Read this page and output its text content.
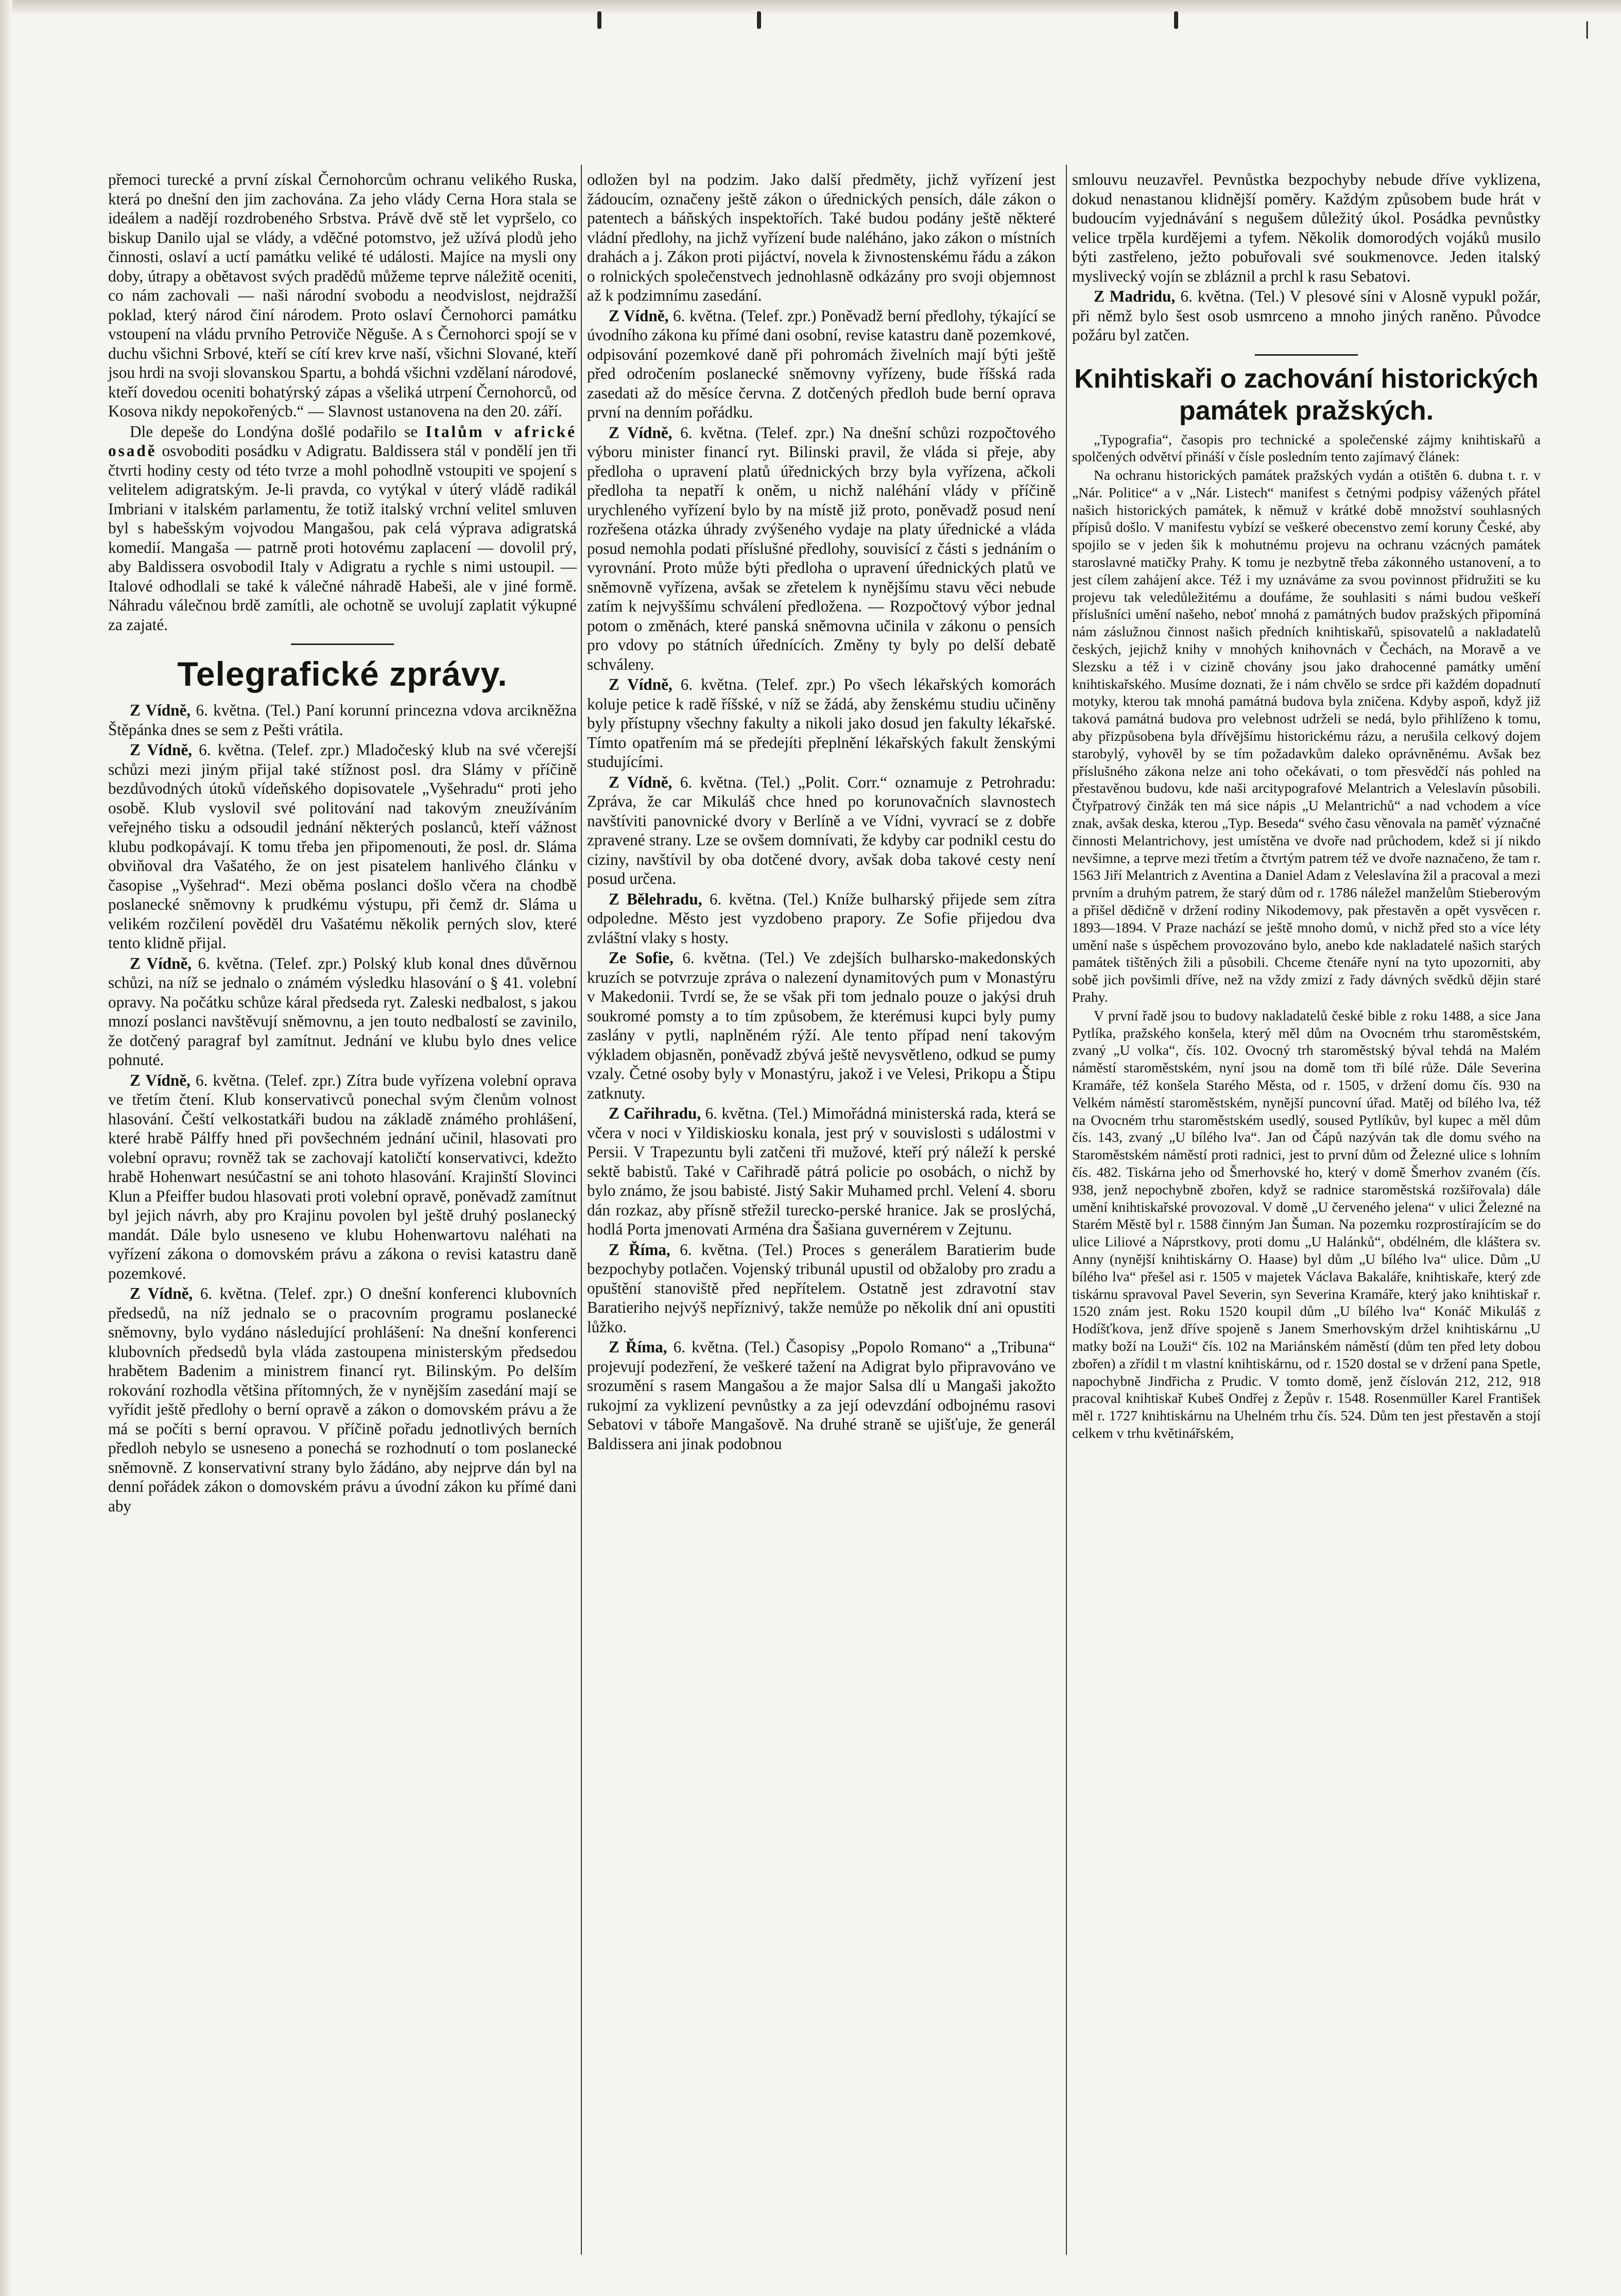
|

přemoci turecké a první získal Černohorcům ochranu velikého Ruska, která po dnešní den jim zachována. Za jeho vlády Cerna Hora stala se ideálem a nadějí rozdrobeného Srbstva. Právě dvě stě let vypršelo, co biskup Danilo ujal se vlády, a vděčné potomstvo, jež užívá plodů jeho činnosti, oslaví a uctí památku veliké té události. Majíce na mysli ony doby, útrapy a obětavost svých pradědů můžeme teprve náležitě oceniti, co nám zachovali — naši národní svobodu a neodvislost, nejdražší poklad, který národ činí národem. Proto oslaví Černohorci památku vstoupení na vládu prvního Petroviče Něguše. A s Černohorci spojí se v duchu všichni Srbové, kteří se cítí krev krve naší, všichni Slované, kteří jsou hrdi na svoji slovanskou Spartu, a bohdá všichni vzdělaní národové, kteří dovedou oceniti bohatýrský zápas a všeliká utrpení Černohorců, od Kosova nikdy nepokořenýcb.“ — Slavnost ustanovena na den 20. září.

Dle depeše do Londýna došlé podařilo se Italům v africké osadě osvoboditi posádku v Adigratu. Baldissera stál v pondělí jen tři čtvrti hodiny cesty od této tvrze a mohl pohodlně vstoupiti ve spojení s velitelem adigratským. Je-li pravda, co vytýkal v úterý vládě radikál Imbriani v italském parlamentu, že totiž italský vrchní velitel smluven byl s habešským vojvodou Mangašou, pak celá výprava adigratská komedií. Mangaša — patrně proti hotovému zaplacení — dovolil prý, aby Baldissera osvobodil Italy v Adigratu a rychle s nimi ustoupil. — Italové odhodlali se také k válečné náhradě Habeši, ale v jiné formě. Náhradu válečnou brdě zamítli, ale ochotně se uvolují zaplatit výkupné za zajaté.

Telegrafické zprávy.

Z Vídně, 6. května. (Tel.) Paní korunní princezna vdova arcikněžna Štěpánka dnes se sem z Pešti vrátila.

Z Vídně, 6. května. (Telef. zpr.) Mladočeský klub na své včerejší schůzi mezi jiným přijal také stížnost posl. dra Slámy v příčině bezdůvodných útoků vídeňského dopisovatele „Vyšehradu“ proti jeho osobě. Klub vyslovil své politování nad takovým zneužíváním veřejného tisku a odsoudil jednání některých poslanců, kteří vážnost klubu podkopávají. K tomu třeba jen připomenouti, že posl. dr. Sláma obviňoval dra Vašatého, že on jest pisatelem hanlivého článku v časopise „Vyšehrad“. Mezi oběma poslanci došlo včera na chodbě poslanecké sněmovny k prudkému výstupu, při čemž dr. Sláma u velikém rozčilení pověděl dru Vašatému několik perných slov, které tento klidně přijal.

Z Vídně, 6. května. (Telef. zpr.) Polský klub konal dnes důvěrnou schůzi, na níž se jednalo o známém výsledku hlasování o § 41. volební opravy. Na počátku schůze káral předseda ryt. Zaleski nedbalost, s jakou mnozí poslanci navštěvují sněmovnu, a jen touto nedbalostí se zavinilo, že dotčený paragraf byl zamítnut. Jednání ve klubu bylo dnes velice pohnuté.

Z Vídně, 6. května. (Telef. zpr.) Zítra bude vyřízena volební oprava ve třetím čtení. Klub konservativců ponechal svým členům volnost hlasování. Čeští velkostatkáři budou na základě známého prohlášení, které hrabě Pálffy hned při povšechném jednání učinil, hlasovati pro volební opravu; rovněž tak se zachovají katoličtí konservativci, kdežto hrabě Hohenwart nesúčastní se ani tohoto hlasování. Krajinští Slovinci Klun a Pfeiffer budou hlasovati proti volební opravě, poněvadž zamítnut byl jejich návrh, aby pro Krajinu povolen byl ještě druhý poslanecký mandát. Dále bylo usneseno ve klubu Hohenwartovu naléhati na vyřízení zákona o domovském právu a zákona o revisi katastru daně pozemkové.

Z Vídně, 6. května. (Telef. zpr.) O dnešní konferenci klubovních předsedů, na níž jednalo se o pracovním programu poslanecké sněmovny, bylo vydáno následující prohlášení: Na dnešní konferenci klubovních předsedů byla vláda zastoupena ministerským předsedou hrabětem Badenim a ministrem financí ryt. Bilinským. Po delším rokování rozhodla většina přítomných, že v nynějším zasedání mají se vyřídit ještě předlohy o berní opravě a zákon o domovském právu a že má se počíti s berní opravou. V příčině pořadu jednotlivých berních předloh nebylo se usneseno a ponechá se rozhodnutí o tom poslanecké sněmovně. Z konservativní strany bylo žádáno, aby nejprve dán byl na denní pořádek zákon o domovském právu a úvodní zákon ku přímé dani aby

odložen byl na podzim. Jako další předměty, jichž vyřízení jest žádoucím, označeny ještě zákon o úřednických pensích, dále zákon o patentech a báňských inspektořích. Také budou podány ještě některé vládní předlohy, na jichž vyřízení bude naléháno, jako zákon o místních drahách a j. Zákon proti pijáctví, novela k živnostenskému řádu a zákon o rolnických společenstvech jednohlasně odkázány pro svoji objemnost až k podzimnímu zasedání.

Z Vídně, 6. května. (Telef. zpr.) Poněvadž berní předlohy, týkající se úvodního zákona ku přímé dani osobní, revise katastru daně pozemkové, odpisování pozemkové daně při pohromách živelních mají býti ještě před odročením poslanecké sněmovny vyřízeny, bude říšská rada zasedati až do měsíce června. Z dotčených předloh bude berní oprava první na denním pořádku.

Z Vídně, 6. května. (Telef. zpr.) Na dnešní schůzi rozpočtového výboru minister financí ryt. Bilinski pravil, že vláda si přeje, aby předloha o upravení platů úřednických brzy byla vyřízena, ačkoli předloha ta nepatří k oněm, u nichž naléhání vlády v příčině urychleného vyřízení bylo by na místě již proto, poněvadž posud není rozřešena otázka úhrady zvýšeného vydaje na platy úřednické a vláda posud nemohla podati příslušné předlohy, souvisící z části s jednáním o vyrovnání. Proto může býti předloha o upravení úřednických platů ve sněmovně vyřízena, avšak se zřetelem k nynějšímu stavu věci nebude zatím k nejvyššímu schválení předložena. — Rozpočtový výbor jednal potom o změnách, které panská sněmovna učinila v zákonu o pensích pro vdovy po státních úřednících. Změny ty byly po delší debatě schváleny.

Z Vídně, 6. května. (Telef. zpr.) Po všech lékařských komorách koluje petice k radě říšské, v níž se žádá, aby ženskému studiu učiněny byly přístupny všechny fakulty a nikoli jako dosud jen fakulty lékařské. Tímto opatřením má se předejíti přeplnění lékařských fakult ženskými studujícími.

Z Vídně, 6. května. (Tel.) „Polit. Corr.“ oznamuje z Petrohradu: Zpráva, že car Mikuláš chce hned po korunovačních slavnostech navštíviti panovnické dvory v Berlíně a ve Vídni, vyvrací se z dobře zpravené strany. Lze se ovšem domnívati, že kdyby car podnikl cestu do ciziny, navštívil by oba dotčené dvory, avšak doba takové cesty není posud určena.

Z Bělehradu, 6. května. (Tel.) Kníže bulharský přijede sem zítra odpoledne. Město jest vyzdobeno prapory. Ze Sofie přijedou dva zvláštní vlaky s hosty.

Ze Sofie, 6. května. (Tel.) Ve zdejších bulharsko-makedonských kruzích se potvrzuje zpráva o nalezení dynamitových pum v Monastýru v Makedonii. Tvrdí se, že se však při tom jednalo pouze o jakýsi druh soukromé pomsty a to tím způsobem, že kterémusi kupci byly pumy zaslány v pytli, naplněném rýží. Ale tento případ není takovým výkladem objasněn, poněvadž zbývá ještě nevysvětleno, odkud se pumy vzaly. Četné osoby byly v Monastýru, jakož i ve Velesi, Prikopu a Štipu zatknuty.

Z Cařihradu, 6. května. (Tel.) Mimořádná ministerská rada, která se včera v noci v Yildiskiosku konala, jest prý v souvislosti s událostmi v Persii. V Trapezuntu byli zatčeni tři mužové, kteří prý náleží k perské sektě babistů. Také v Cařihradě pátrá policie po osobách, o nichž by bylo známo, že jsou babisté. Jistý Sakir Muhamed prchl. Velení 4. sboru dán rozkaz, aby přísně střežil turecko-perské hranice. Jak se proslýchá, hodlá Porta jmenovati Arména dra Šašiana guvernérem v Zejtunu.

Z Říma, 6. května. (Tel.) Proces s generálem Baratierim bude bezpochyby potlačen. Vojenský tribunál upustil od obžaloby pro zradu a opuštění stanoviště před nepřítelem. Ostatně jest zdravotní stav Baratieriho nejvýš nepříznivý, takže nemůže po několik dní ani opustiti lůžko.

Z Říma, 6. května. (Tel.) Časopisy „Popolo Romano“ a „Tribuna“ projevují podezření, že veškeré tažení na Adigrat bylo připravováno ve srozumění s rasem Mangašou a že major Salsa dlí u Mangaši jakožto rukojmí za vyklizení pevnůstky a za její odevzdání odbojnému rasovi Sebatovi v táboře Mangašově. Na druhé straně se ujišťuje, že generál Baldissera ani jinak podobnou

smlouvu neuzavřel. Pevnůstka bezpochyby nebude dříve vyklizena, dokud nenastanou klidnější poměry. Každým způsobem bude hrát v budoucím vyjednávání s negušem důležitý úkol. Posádka pevnůstky velice trpěla kurdějemi a tyfem. Několik domorodých vojáků musilo býti zastřeleno, ježto pobuřovali své soukmenovce. Jeden italský myslivecký vojín se zbláznil a prchl k rasu Sebatovi.

Z Madridu, 6. května. (Tel.) V plesové síni v Alosně vypukl požár, při němž bylo šest osob usmrceno a mnoho jiných raněno. Původce požáru byl zatčen.

Knihtiskaři o zachování historických památek pražských.

„Typografia“, časopis pro technické a společenské zájmy knihtiskařů a spolčených odvětví přináší v čísle posledním tento zajímavý článek:

Na ochranu historických památek pražských vydán a otištěn 6. dubna t. r. v „Nár. Politice“ a v „Nár. Listech“ manifest s četnými podpisy vážených přátel našich historických památek, k němuž v krátké době množství souhlasných přípisů došlo. V manifestu vybízí se veškeré obecenstvo zemí koruny České, aby spojilo se v jeden šik k mohutnému projevu na ochranu vzácných památek staroslavné matičky Prahy. K tomu je nezbytně třeba zákonného ustanovení, a to jest cílem zahájení akce. Též i my uznáváme za svou povinnost přidružiti se ku projevu tak veledůležitému a doufáme, že souhlasiti s námi budou veškeří příslušníci umění našeho, neboť mnohá z památných budov pražských připomíná nám záslužnou činnost našich předních knihtiskařů, spisovatelů a nakladatelů českých, jejichž knihy v mnohých knihovnách v Čechách, na Moravě a ve Slezsku a též i v cizině chovány jsou jako drahocenné památky umění knihtiskařského. Musíme doznati, že i nám chvělo se srdce při každém dopadnutí motyky, kterou tak mnohá památná budova byla zničena. Kdyby aspoň, když již taková památná budova pro velebnost udrželi se nedá, bylo přihlíženo k tomu, aby přizpůsobena byla dřívějšímu historickému rázu, a nerušila celkový dojem starobylý, vyhověl by se tím požadavkům daleko oprávněnému. Avšak bez příslušného zákona nelze ani toho očekávati, o tom přesvědčí nás pohled na přestavěnou budovu, kde naši arcitypografové Melantrich a Veleslavín působili. Čtyřpatrový činžák ten má sice nápis „U Melantrichů“ a nad vchodem a více znak, avšak deska, kterou „Typ. Beseda“ svého času věnovala na paměť význačné činnosti Melantrichovy, jest umístěna ve dvoře nad průchodem, kdež si jí nikdo nevšimne, a teprve mezi třetím a čtvrtým patrem též ve dvoře naznačeno, že tam r. 1563 Jiří Melantrich z Aventina a Daniel Adam z Veleslavína žil a pracoval a mezi prvním a druhým patrem, že starý dům od r. 1786 náležel manželům Stieberovým a přišel dědičně v držení rodiny Nikodemovy, pak přestavěn a opět vysvěcen r. 1893—1894. V Praze nachází se ještě mnoho domů, v nichž před sto a více léty umění naše s úspěchem provozováno bylo, anebo kde nakladatelé našich starých památek tištěných žili a působili. Chceme čtenáře nyní na tyto upozorniti, aby sobě jich povšimli dříve, než na vždy zmizí z řady dávných svědků dějin staré Prahy.

V první řadě jsou to budovy nakladatelů české bible z roku 1488, a sice Jana Pytlíka, pražského konšela, který měl dům na Ovocném trhu staroměstském, zvaný „U volka“, čís. 102. Ovocný trh staroměstský býval tehdá na Malém náměstí staroměstském, nyní jsou na domě tom tři bílé růže. Dále Severina Kramáře, též konšela Starého Města, od r. 1505, v držení domu čís. 930 na Velkém náměstí staroměstském, nynější puncovní úřad. Matěj od bílého lva, též na Ovocném trhu staroměstském usedlý, soused Pytlíkův, byl kupec a měl dům čís. 143, zvaný „U bílého lva“. Jan od Čápů nazýván tak dle domu svého na Staroměstském náměstí proti radnici, jest to první dům od Železné ulice s lohním čís. 482. Tiskárna jeho od Šmerhovské ho, který v domě Šmerhov zvaném (čís. 938, jenž nepochybně zbořen, když se radnice staroměstská rozšiřovala) dále umění knihtiskařské provozoval. V domě „U červeného jelena“ v ulici Železné na Starém Městě byl r. 1588 činným Jan Šuman. Na pozemku rozprostírajícím se do ulice Liliové a Náprstkovy, proti domu „U Halánků“, obdélném, dle kláštera sv. Anny (nynější knihtiskárny O. Haase) byl dům „U bílého lva“ ulice. Dům „U bílého lva“ přešel asi r. 1505 v majetek Václava Bakaláře, knihtiskaře, který zde tiskárnu spravoval Pavel Severin, syn Severina Kramáře, který jako knihtiskař r. 1520 znám jest. Roku 1520 koupil dům „U bílého lva“ Konáč Mikuláš z Hodíšťkova, jenž dříve spojeně s Janem Smerhovským držel knihtiskárnu „U matky boží na Louži“ čís. 102 na Mariánském náměstí (dům ten před lety dobou zbořen) a zřídil t m vlastní knihtiskárnu, od r. 1520 dostal se v držení pana Spetle, napochybně Jindřicha z Prudic. V tomto domě, jenž číslován 212, 212, 918 pracoval knihtiskař Kubeš Ondřej z Žepův r. 1548. Rosenmüller Karel František měl r. 1727 knihtiskárnu na Uhelném trhu čís. 524. Dům ten jest přestavěn a stojí celkem v trhu květinářském,
